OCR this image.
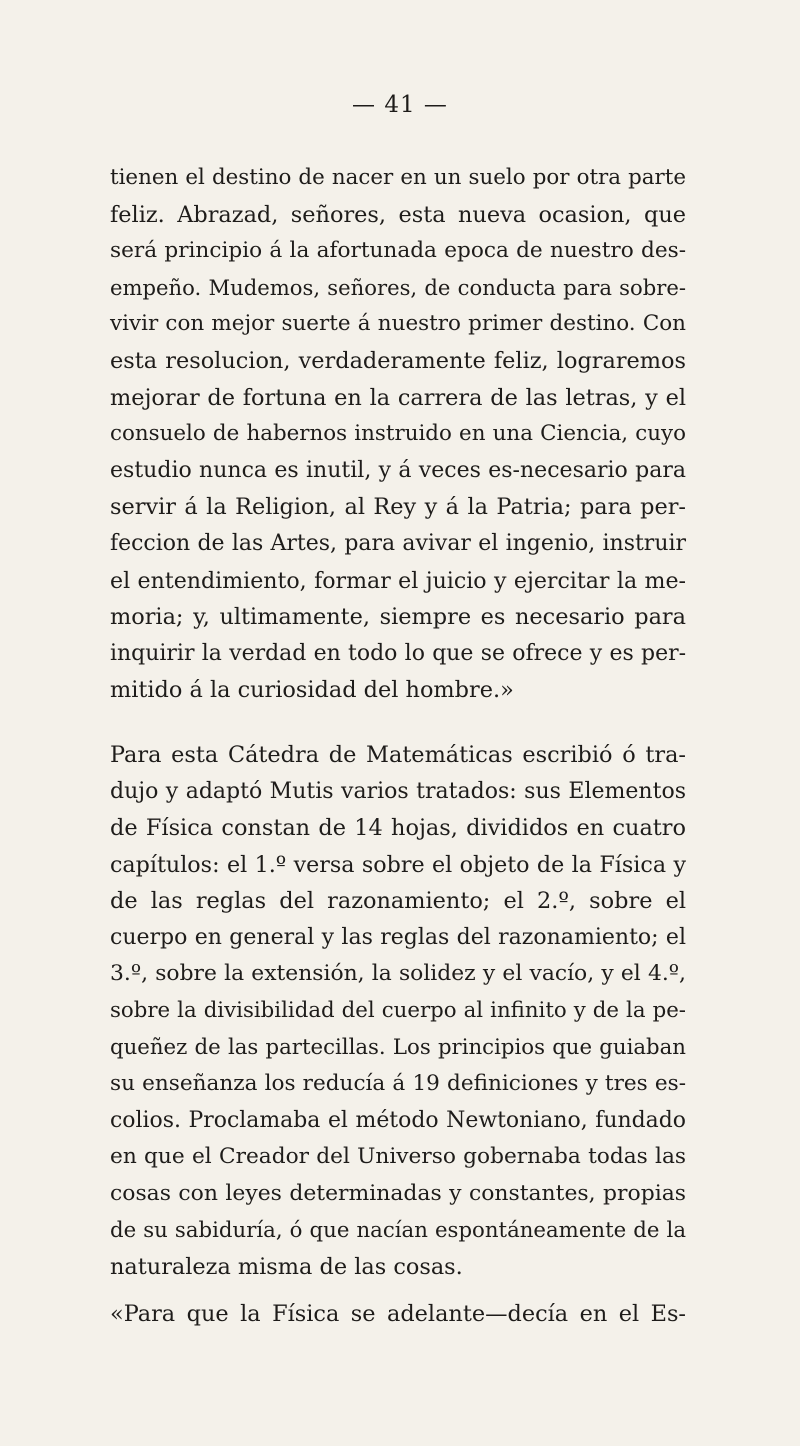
— 41 —
tienen el destino de nacer en un suelo por otra parte
feliz. Abrazad, señores, esta nueva ocasion, que
será principio á la afortunada epoca de nuestro des-
empeño. Mudemos, señores, de conducta para sobre-
vivir con mejor suerte á nuestro primer destino. Con
esta resolucion, verdaderamente feliz, lograremos
mejorar de fortuna en la carrera de las letras, y el
consuelo de habernos instruido en una Ciencia, cuyo
estudio nunca es inutil, y á veces es-necesario para
servir á la Religion, al Rey y á la Patria; para per-
feccion de las Artes, para avivar el ingenio, instruir
el entendimiento, formar el juicio y ejercitar la me-
moria; y, ultimamente, siempre es necesario para
inquirir la verdad en todo lo que se ofrece y es per-
mitido á la curiosidad del hombre.»
Para esta Cátedra de Matemáticas escribió ó tra-
dujo y adaptó Mutis varios tratados: sus Elementos
de Física constan de 14 hojas, divididos en cuatro
capítulos: el 1.º versa sobre el objeto de la Física y
de las reglas del razonamiento; el 2.º, sobre el
cuerpo en general y las reglas del razonamiento; el
3.º, sobre la extensión, la solidez y el vacío, y el 4.º,
sobre la divisibilidad del cuerpo al infinito y de la pe-
queñez de las partecillas. Los principios que guiaban
su enseñanza los reducía á 19 definiciones y tres es-
colios. Proclamaba el método Newtoniano, fundado
en que el Creador del Universo gobernaba todas las
cosas con leyes determinadas y constantes, propias
de su sabiduría, ó que nacían espontáneamente de la
naturaleza misma de las cosas.
«Para que la Física se adelante—decía en el Es-
